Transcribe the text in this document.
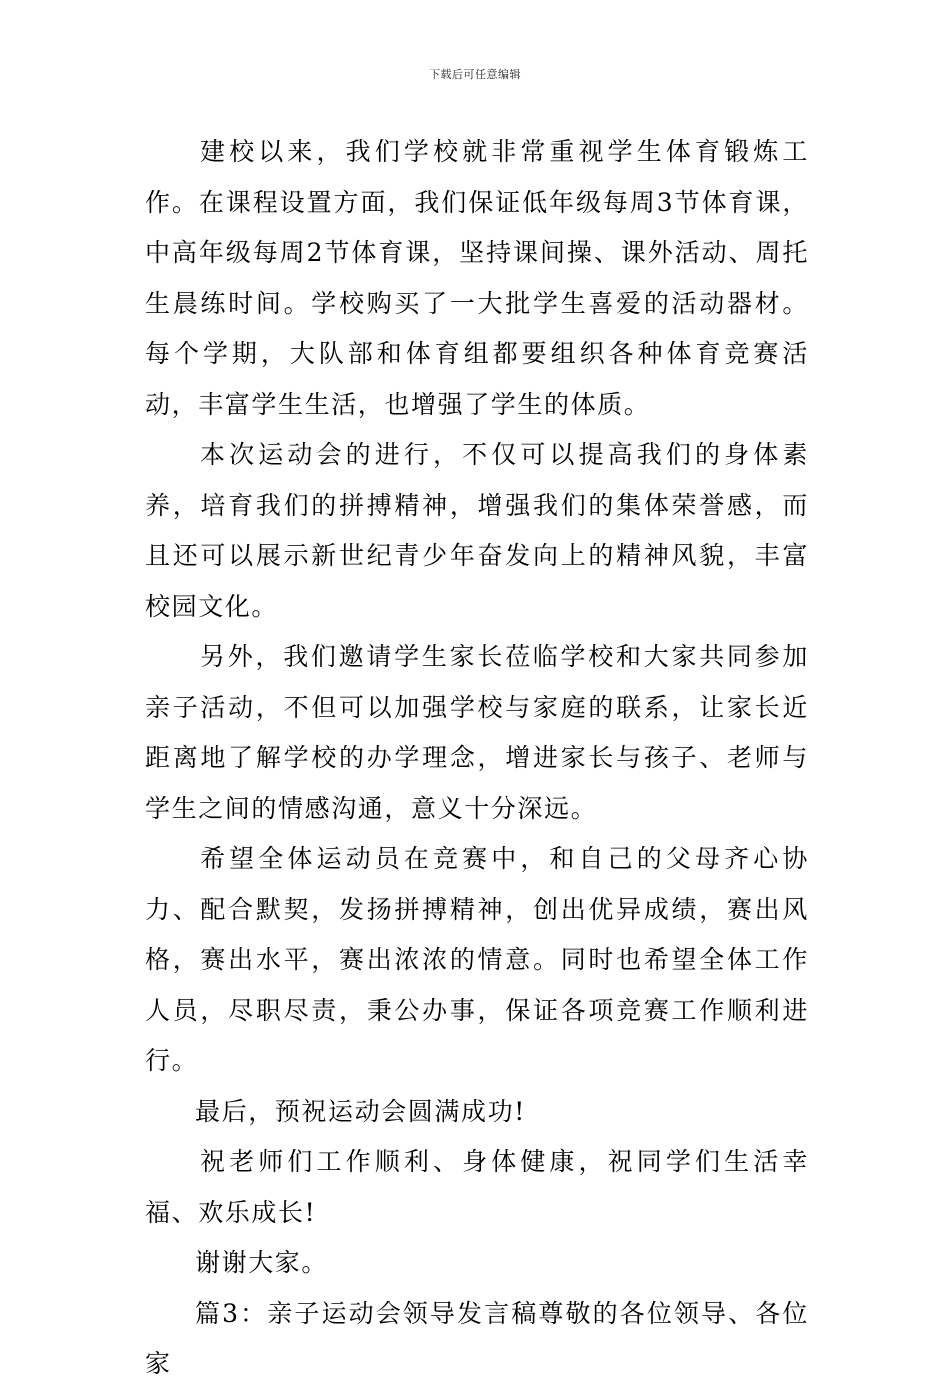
下载后可任意编辑

建校以来，我们学校就非常重视学生体育锻炼工作。在课程设置方面，我们保证低年级每周3节体育课，中高年级每周2节体育课，坚持课间操、课外活动、周托生晨练时间。学校购买了一大批学生喜爱的活动器材。每个学期，大队部和体育组都要组织各种体育竞赛活动，丰富学生生活，也增强了学生的体质。

本次运动会的进行，不仅可以提高我们的身体素养，培育我们的拼搏精神，增强我们的集体荣誉感，而且还可以展示新世纪青少年奋发向上的精神风貌，丰富校园文化。

另外，我们邀请学生家长莅临学校和大家共同参加亲子活动，不但可以加强学校与家庭的联系，让家长近距离地了解学校的办学理念，增进家长与孩子、老师与学生之间的情感沟通，意义十分深远。

希望全体运动员在竞赛中，和自己的父母齐心协力、配合默契，发扬拼搏精神，创出优异成绩，赛出风格，赛出水平，赛出浓浓的情意。同时也希望全体工作人员，尽职尽责，秉公办事，保证各项竞赛工作顺利进行。

最后，预祝运动会圆满成功!

祝老师们工作顺利、身体健康，祝同学们生活幸福、欢乐成长!

谢谢大家。

篇3：亲子运动会领导发言稿尊敬的各位领导、各位家
